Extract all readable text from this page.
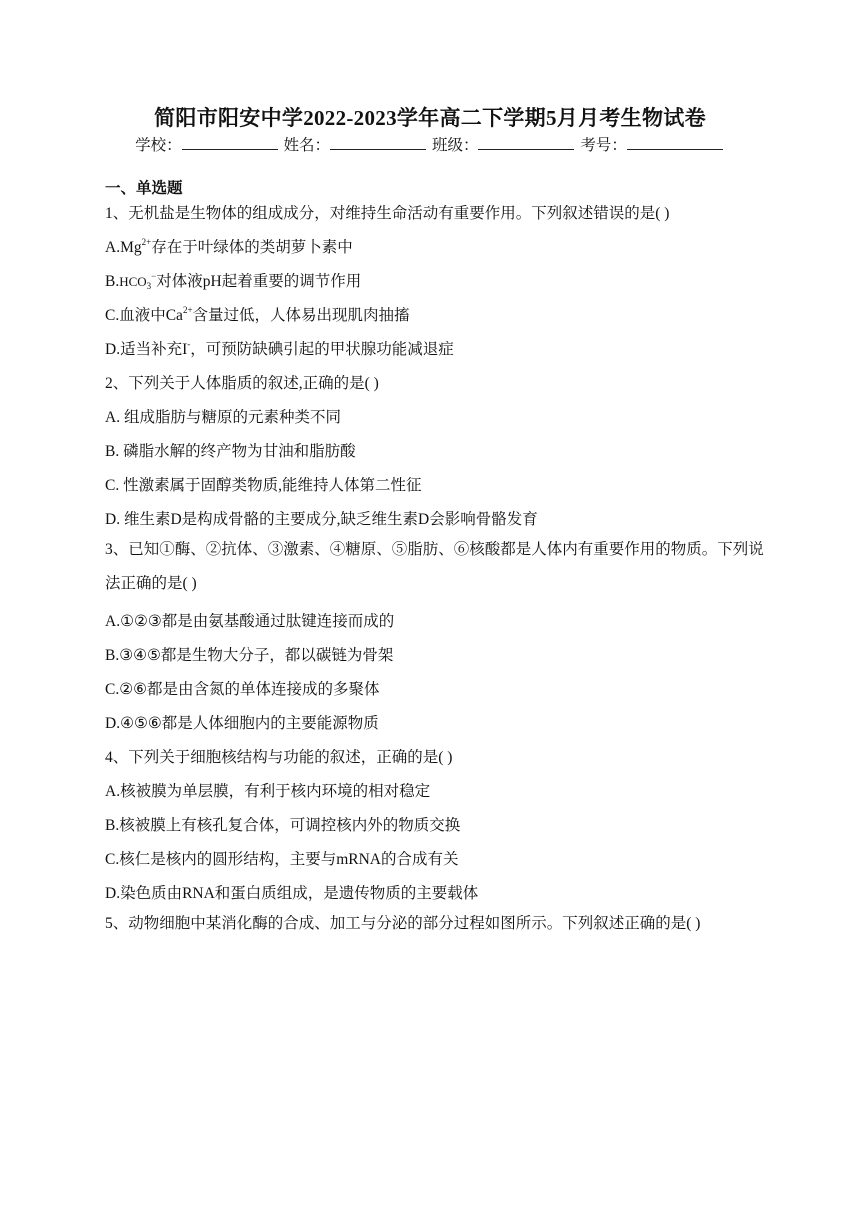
简阳市阳安中学2022-2023学年高二下学期5月月考生物试卷
学校：	姓名：	班级：	考号：
一、单选题
1、无机盐是生物体的组成成分，对维持生命活动有重要作用。下列叙述错误的是( )
$A.Mg^{2+}$存在于叶绿体的类胡萝卜素中
$B.HCO_3^-$对体液pH起着重要的调节作用
C.血液中$Ca^{2+}$含量过低，人体易出现肌肉抽搐
D.适当补充I-，可预防缺碘引起的甲状腺功能减退症
2、下列关于人体脂质的叙述,正确的是( )
A. 组成脂肪与糖原的元素种类不同
B. 磷脂水解的终产物为甘油和脂肪酸
C. 性激素属于固醇类物质,能维持人体第二性征
D. 维生素D是构成骨骼的主要成分,缺乏维生素D会影响骨骼发育
3、已知①酶、②抗体、③激素、④糖原、⑤脂肪、⑥核酸都是人体内有重要作用的物质。下列说法正确的是( )
A.①②③都是由氨基酸通过肽键连接而成的
B.③④⑤都是生物大分子，都以碳链为骨架
C.②⑥都是由含氮的单体连接成的多聚体
D.④⑤⑥都是人体细胞内的主要能源物质
4、下列关于细胞核结构与功能的叙述，正确的是( )
A.核被膜为单层膜，有利于核内环境的相对稳定
B.核被膜上有核孔复合体，可调控核内外的物质交换
C.核仁是核内的圆形结构，主要与mRNA的合成有关
D.染色质由RNA和蛋白质组成，是遗传物质的主要载体
5、动物细胞中某消化酶的合成、加工与分泌的部分过程如图所示。下列叙述正确的是( )
